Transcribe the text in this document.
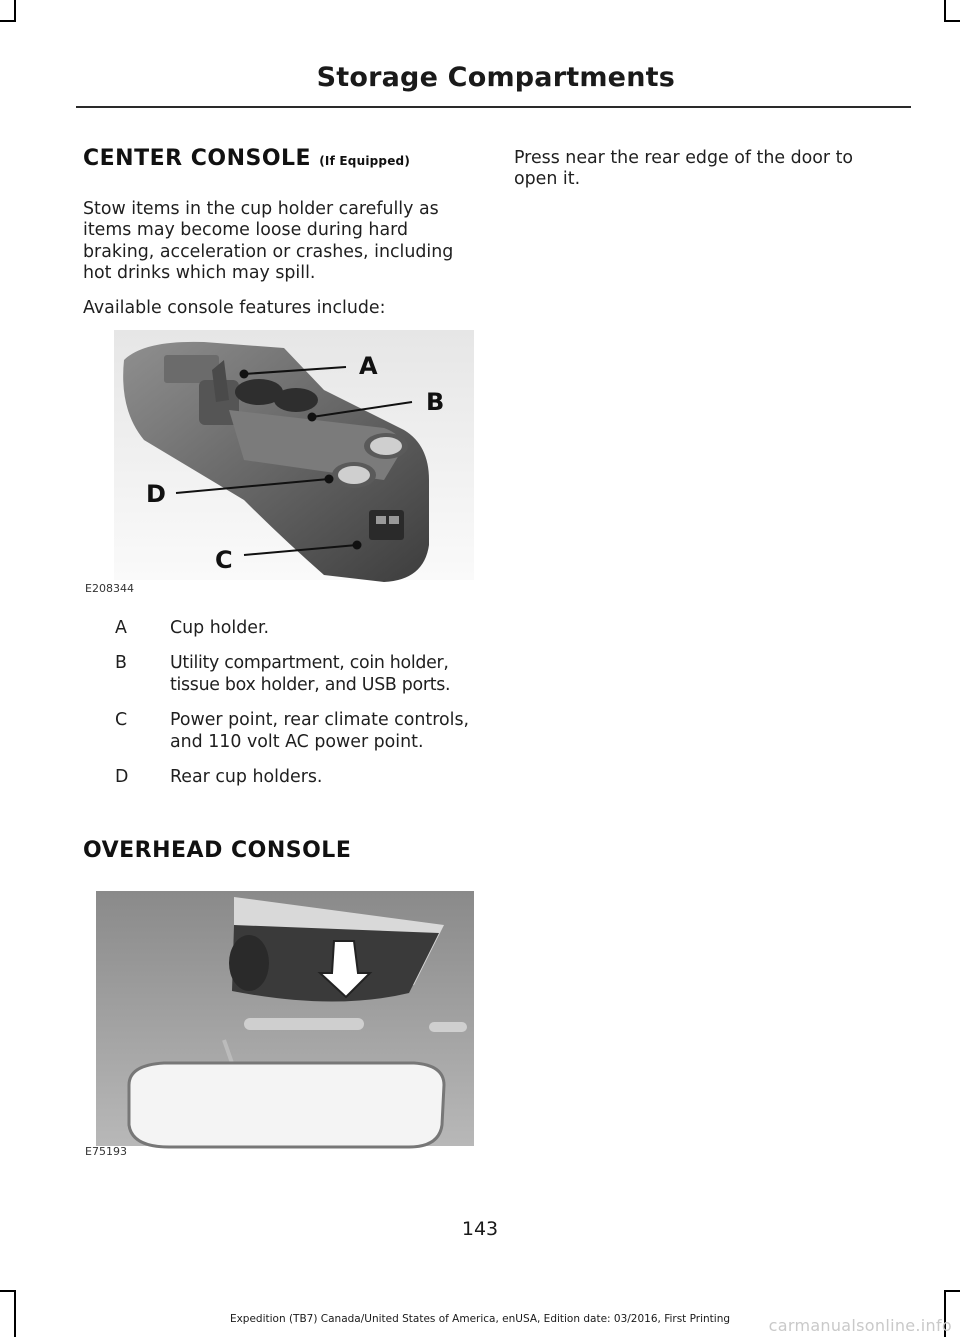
Storage Compartments
CENTER CONSOLE (If Equipped)

Stow items in the cup holder carefully as items may become loose during hard braking, acceleration or crashes, including hot drinks which may spill.

Available console features include:

A
B
C
D
E208344
A Cup holder.
B Utility compartment, coin holder, tissue box holder, and USB ports.
C Power point, rear climate controls, and 110 volt AC power point.
D Rear cup holders.
OVERHEAD CONSOLE
E75193

Press near the rear edge of the door to open it.

143
Expedition (TB7) Canada/United States of America, enUSA, Edition date: 03/2016, First Printing	carmanualsonline.info
